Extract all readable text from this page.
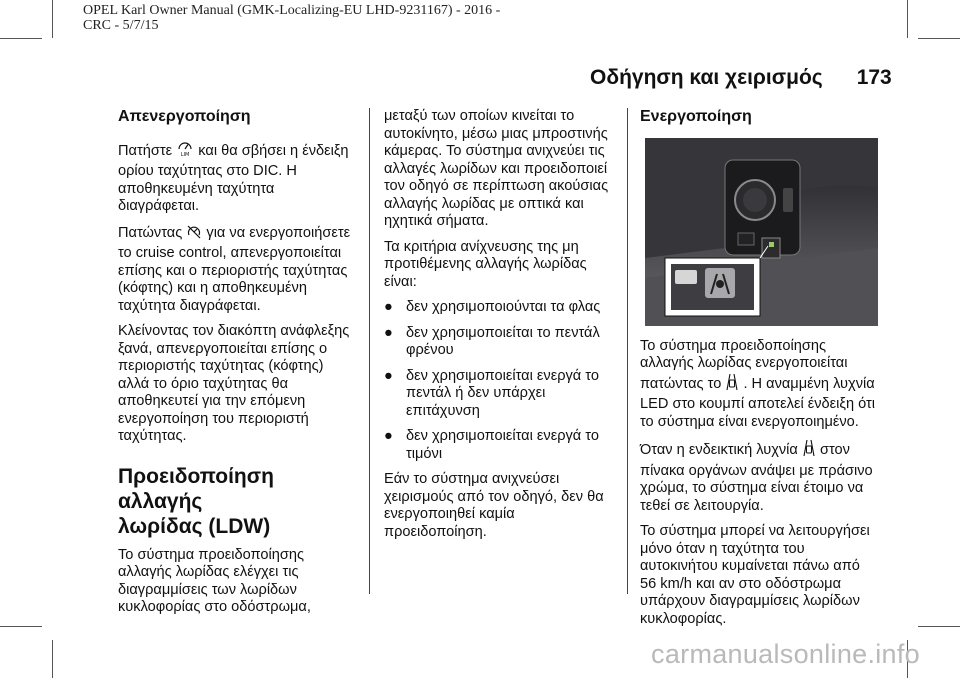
OPEL Karl Owner Manual (GMK-Localizing-EU LHD-9231167) - 2016 -
CRC - 5/7/15
Οδήγηση και χειρισμός 173
Απενεργοποίηση

Πατήστε LIM και θα σβήσει η ένδειξη ορίου ταχύτητας στο DIC. Η αποθηκευμένη ταχύτητα διαγράφεται.

Πατώντας για να ενεργοποιήσετε το cruise control, απενεργοποιείται επίσης και ο περιοριστής ταχύτητας (κόφτης) και η αποθηκευμένη ταχύτητα διαγράφεται.

Κλείνοντας τον διακόπτη ανάφλεξης ξανά, απενεργοποιείται επίσης ο περιοριστής ταχύτητας (κόφτης) αλλά το όριο ταχύτητας θα αποθηκευτεί για την επόμενη ενεργοποίηση του περιοριστή ταχύτητας.

Προειδοποίηση αλλαγής
λωρίδας (LDW)

Το σύστημα προειδοποίησης αλλαγής λωρίδας ελέγχει τις διαγραμμίσεις των λωρίδων κυκλοφορίας στο οδόστρωμα,

μεταξύ των οποίων κινείται το αυτοκίνητο, μέσω μιας μπροστινής κάμερας. Το σύστημα ανιχνεύει τις αλλαγές λωρίδων και προειδοποιεί τον οδηγό σε περίπτωση ακούσιας αλλαγής λωρίδας με οπτικά και ηχητικά σήματα.

Τα κριτήρια ανίχνευσης της μη προτιθέμενης αλλαγής λωρίδας είναι:

● δεν χρησιμοποιούνται τα φλας
● δεν χρησιμοποιείται το πεντάλ φρένου
● δεν χρησιμοποιείται ενεργά το πεντάλ ή δεν υπάρχει επιτάχυνση
● δεν χρησιμοποιείται ενεργά το τιμόνι

Εάν το σύστημα ανιχνεύσει χειρισμούς από τον οδηγό, δεν θα ενεργοποιηθεί καμία προειδοποίηση.

Ενεργοποίηση

Το σύστημα προειδοποίησης αλλαγής λωρίδας ενεργοποιείται πατώντας το . Η αναμμένη λυχνία LED στο κουμπί αποτελεί ένδειξη ότι το σύστημα είναι ενεργοποιημένο.

Όταν η ενδεικτική λυχνία στον πίνακα οργάνων ανάψει με πράσινο χρώμα, το σύστημα είναι έτοιμο να τεθεί σε λειτουργία.

Το σύστημα μπορεί να λειτουργήσει μόνο όταν η ταχύτητα του αυτοκινήτου κυμαίνεται πάνω από 56 km/h και αν στο οδόστρωμα υπάρχουν διαγραμμίσεις λωρίδων κυκλοφορίας.

carmanualsonline.info
